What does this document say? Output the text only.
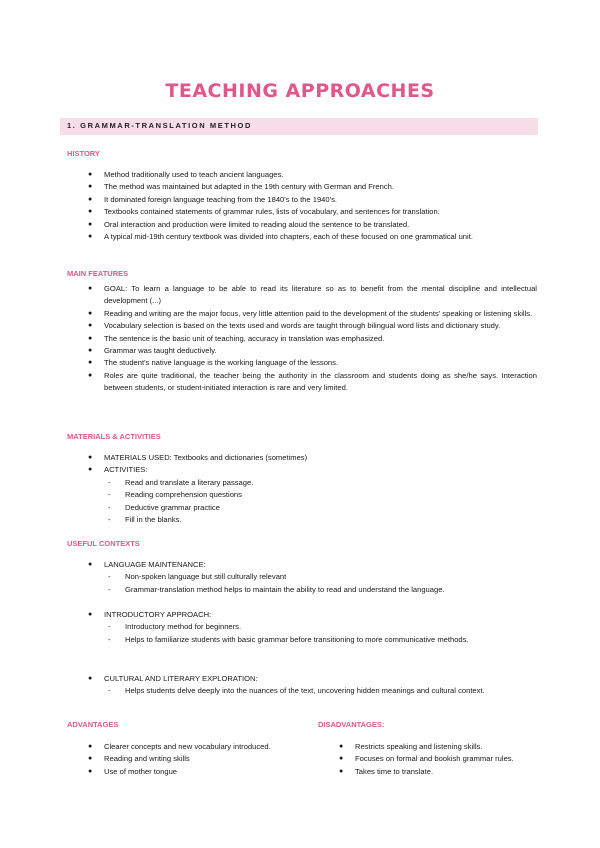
TEACHING APPROACHES
1. GRAMMAR-TRANSLATION METHOD
HISTORY
● Method traditionally used to teach ancient languages.
● The method was maintained but adapted in the 19th century with German and French.
● It dominated foreign language teaching from the 1840's to the 1940's.
● Textbooks contained statements of grammar rules, lists of vocabulary, and sentences for translation.
● Oral interaction and production were limited to reading aloud the sentence to be translated.
● A typical mid-19th century textbook was divided into chapters, each of these focused on one grammatical unit.
MAIN FEATURES
● GOAL: To learn a language to be able to read its literature so as to benefit from the mental discipline and intellectual development (...)
● Reading and writing are the major focus, very little attention paid to the development of the students' speaking or listening skills.
● Vocabulary selection is based on the texts used and words are taught through bilingual word lists and dictionary study.
● The sentence is the basic unit of teaching, accuracy in translation was emphasized.
● Grammar was taught deductively.
● The student's native language is the working language of the lessons.
● Roles are quite traditional, the teacher being the authority in the classroom and students doing as she/he says. Interaction between students, or student-initiated interaction is rare and very limited.
MATERIALS & ACTIVITIES
● MATERIALS USED: Textbooks and dictionaries (sometimes)
● ACTIVITIES:
- Read and translate a literary passage.
- Reading comprehension questions
- Deductive grammar practice
- Fill in the blanks.
USEFUL CONTEXTS
● LANGUAGE MAINTENANCE:
- Non-spoken language but still culturally relevant
- Grammar-translation method helps to maintain the ability to read and understand the language.
● INTRODUCTORY APPROACH:
- Introductory method for beginners.
- Helps to familiarize students with basic grammar before transitioning to more communicative methods.
● CULTURAL AND LITERARY EXPLORATION:
- Helps students delve deeply into the nuances of the text, uncovering hidden meanings and cultural context.
ADVANTAGES
● Clearer concepts and new vocabulary introduced.
● Reading and writing skills
● Use of mother tongue
DISADVANTAGES:
● Restricts speaking and listening skills.
● Focuses on formal and bookish grammar rules.
● Takes time to translate.
